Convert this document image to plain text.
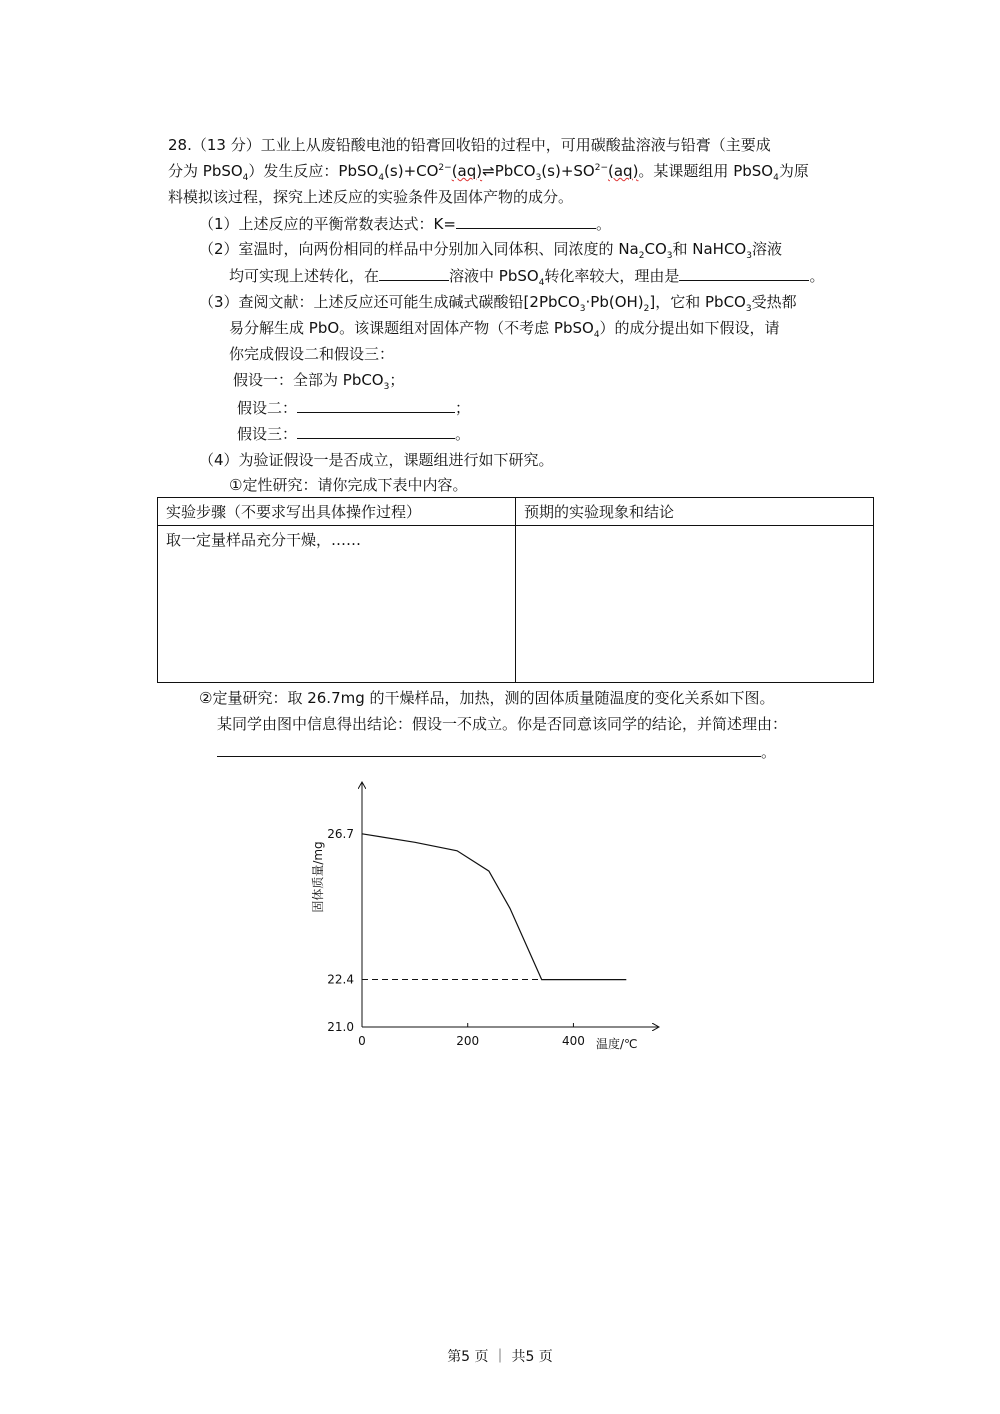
28.（13 分）工业上从废铅酸电池的铅膏回收铅的过程中，可用碳酸盐溶液与铅膏（主要成
分为 PbSO$_4$）发生反应：$PbSO_4(s)+CO^{2-}(aq)\rightleftharpoons PbCO_3(s)+SO^{2-}(aq)$。某课题组用 PbSO$_4$为原
料模拟该过程，探究上述反应的实验条件及固体产物的成分。
（1）上述反应的平衡常数表达式：K=	。
（2）室温时，向两份相同的样品中分别加入同体积、同浓度的 $Na_2CO_3$和 NaHCO$_3$溶液
均可实现上述转化，在	溶液中 PbSO$_4$转化率较大，理由是	。
（3）查阅文献：上述反应还可能生成碱式碳酸铅$[2PbCO_3\cdot Pb(OH)_2]$，它和 PbCO$_3$受热都
易分解生成 PbO。该课题组对固体产物（不考虑 PbSO$_4$）的成分提出如下假设，请
你完成假设二和假设三：
假设一：全部为 PbCO$_3$；
假设二：	；
假设三：	。
（4）为验证假设一是否成立，课题组进行如下研究。
①定性研究：请你完成下表中内容。
实验步骤（不要求写出具体操作过程）	预期的实验现象和结论
取一定量样品充分干燥，……	
②定量研究：取 26.7mg 的干燥样品，加热，测的固体质量随温度的变化关系如下图。
某同学由图中信息得出结论：假设一不成立。你是否同意该同学的结论，并简述理由：
。
0	200	400
21.0
22.4
26.7
温度/℃
固体质量/mg
第5 页 ｜ 共5 页
